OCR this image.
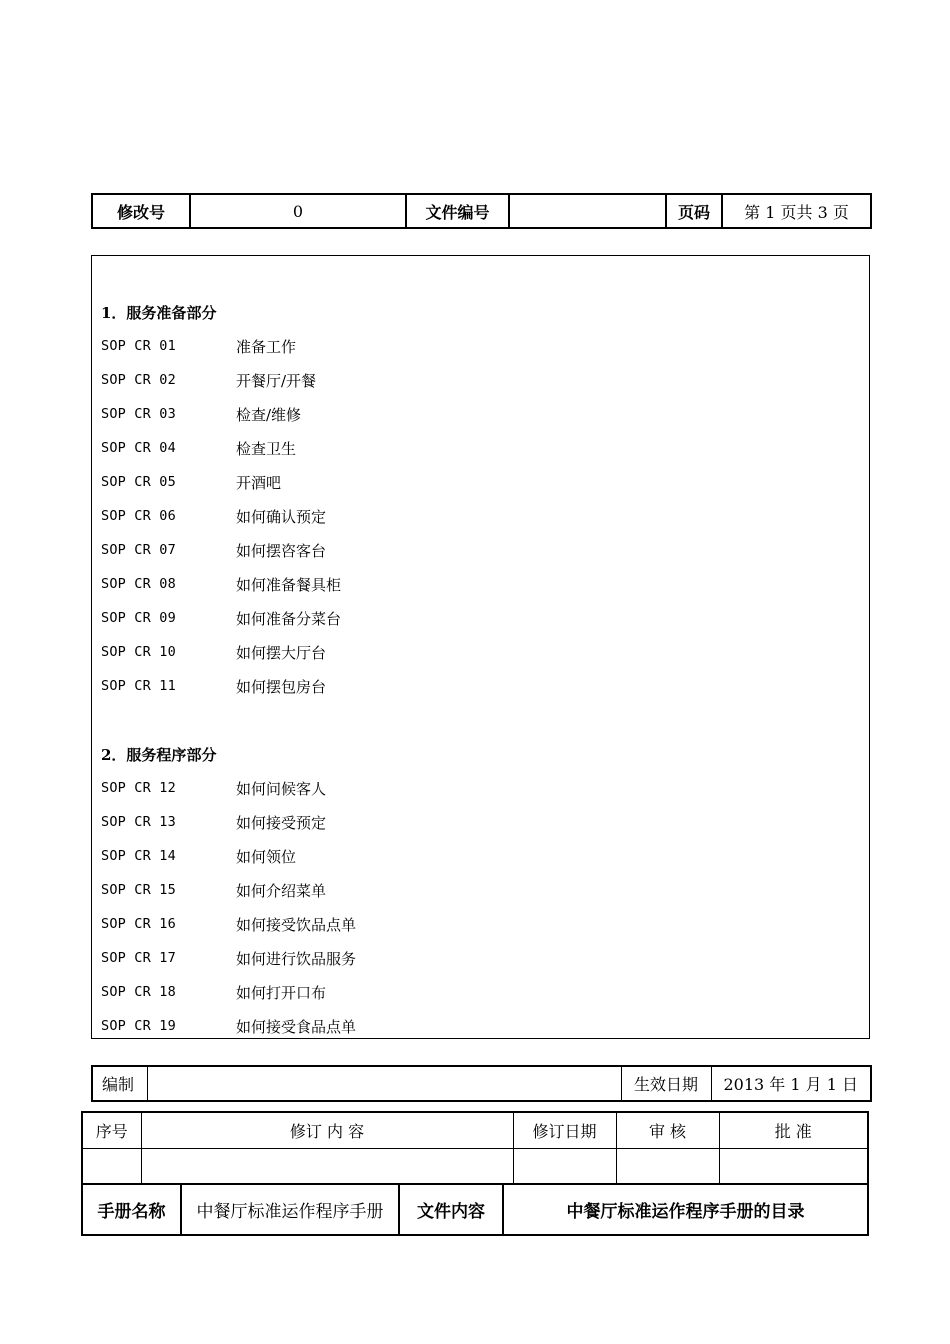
修改号	0	文件编号		页码	第 1 页共 3 页
1．服务准备部分
SOP CR 01	准备工作
SOP CR 02	开餐厅/开餐
SOP CR 03	检查/维修
SOP CR 04	检查卫生
SOP CR 05	开酒吧
SOP CR 06	如何确认预定
SOP CR 07	如何摆咨客台
SOP CR 08	如何准备餐具柜
SOP CR 09	如何准备分菜台
SOP CR 10	如何摆大厅台
SOP CR 11	如何摆包房台
2．服务程序部分
SOP CR 12	如何问候客人
SOP CR 13	如何接受预定
SOP CR 14	如何领位
SOP CR 15	如何介绍菜单
SOP CR 16	如何接受饮品点单
SOP CR 17	如何进行饮品服务
SOP CR 18	如何打开口布
SOP CR 19	如何接受食品点单
编制		生效日期	2013 年 1 月 1 日
序号	修订 内 容	修订日期	审 核	批 准

手册名称	中餐厅标准运作程序手册	文件内容	中餐厅标准运作程序手册的目录
